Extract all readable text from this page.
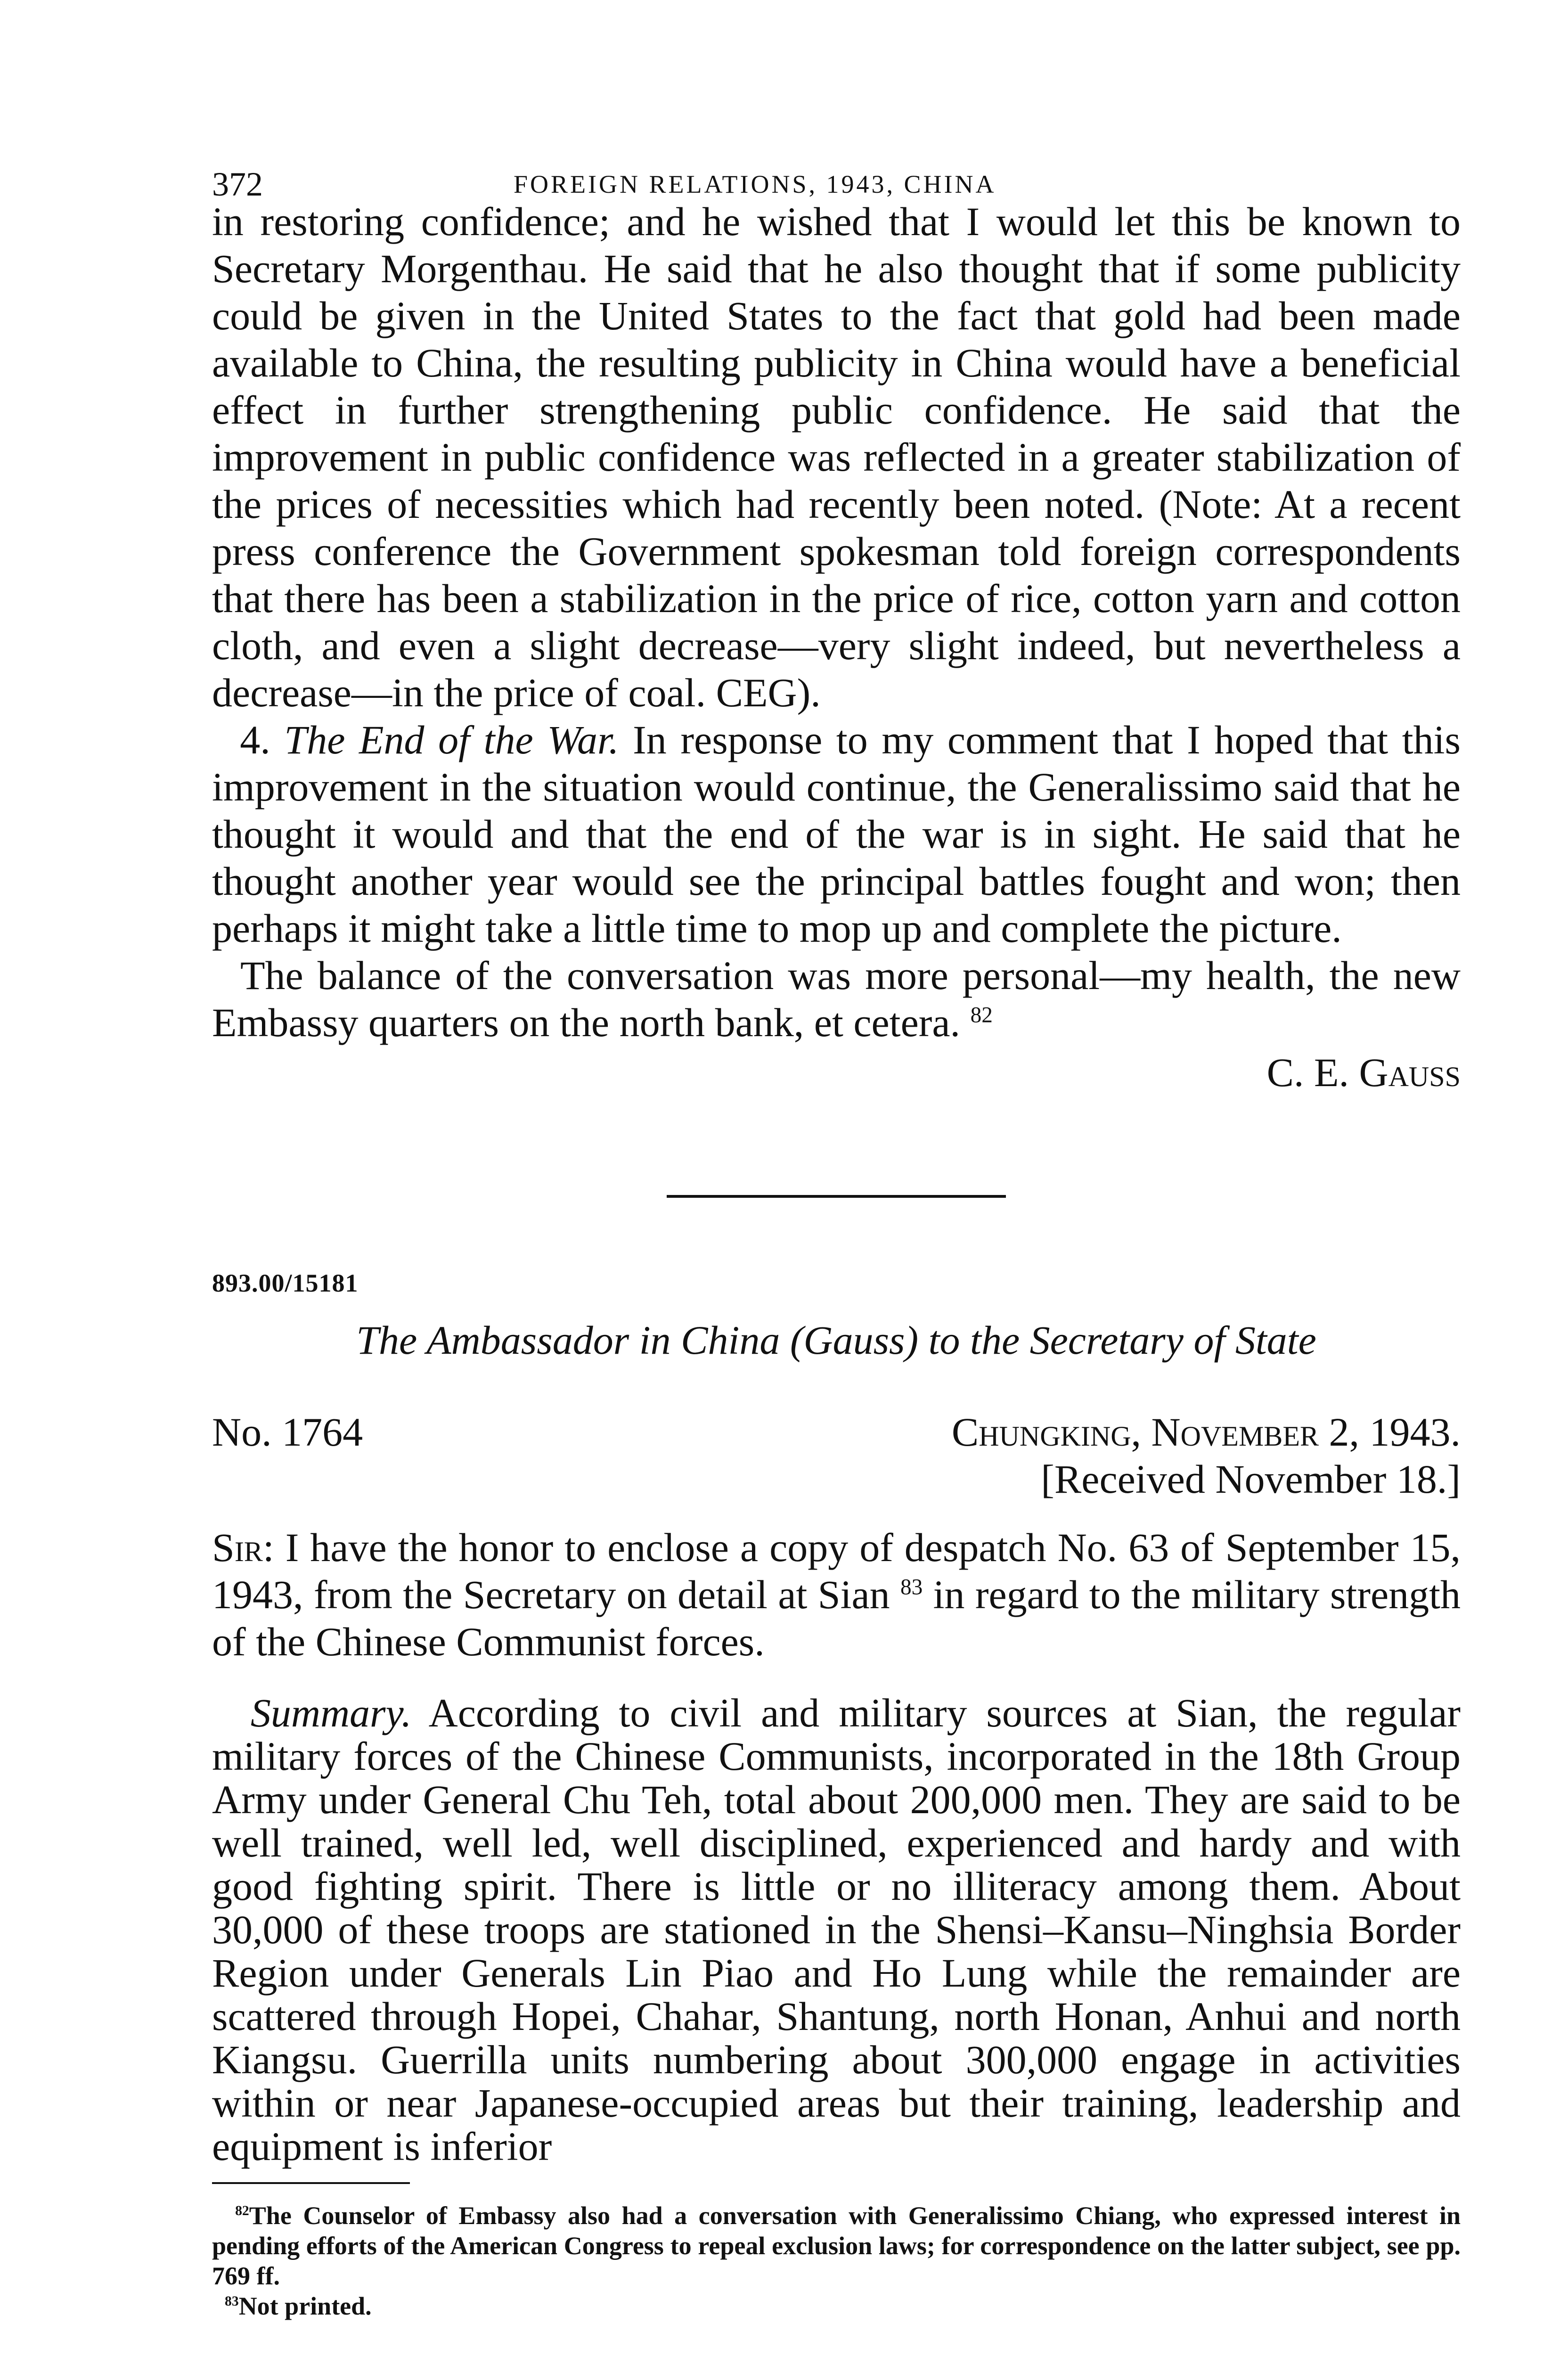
372	FOREIGN RELATIONS, 1943, CHINA

in restoring confidence; and he wished that I would let this be known to Secretary Morgenthau. He said that he also thought that if some publicity could be given in the United States to the fact that gold had been made available to China, the resulting publicity in China would have a beneficial effect in further strengthening public confidence. He said that the improvement in public confidence was reflected in a greater stabilization of the prices of necessities which had recently been noted. (Note: At a recent press conference the Government spokesman told foreign correspondents that there has been a stabilization in the price of rice, cotton yarn and cotton cloth, and even a slight decrease—very slight indeed, but nevertheless a decrease—in the price of coal. CEG).

4. The End of the War. In response to my comment that I hoped that this improvement in the situation would continue, the Generalissimo said that he thought it would and that the end of the war is in sight. He said that he thought another year would see the principal battles fought and won; then perhaps it might take a little time to mop up and complete the picture.

The balance of the conversation was more personal—my health, the new Embassy quarters on the north bank, et cetera. $^{82}$

C. E. Gauss

893.00/15181

The Ambassador in China (Gauss) to the Secretary of State

No. 1764	Chungking, November 2, 1943.

[Received November 18.]

Sir: I have the honor to enclose a copy of despatch No. 63 of September 15, 1943, from the Secretary on detail at Sian $^{83}$ in regard to the military strength of the Chinese Communist forces.

Summary. According to civil and military sources at Sian, the regular military forces of the Chinese Communists, incorporated in the 18th Group Army under General Chu Teh, total about 200,000 men. They are said to be well trained, well led, well disciplined, experienced and hardy and with good fighting spirit. There is little or no illiteracy among them. About 30,000 of these troops are stationed in the Shensi–Kansu–Ninghsia Border Region under Generals Lin Piao and Ho Lung while the remainder are scattered through Hopei, Chahar, Shantung, north Honan, Anhui and north Kiangsu. Guerrilla units numbering about 300,000 engage in activities within or near Japanese-occupied areas but their training, leadership and equipment is inferior

$^{82}$The Counselor of Embassy also had a conversation with Generalissimo Chiang, who expressed interest in pending efforts of the American Congress to repeal exclusion laws; for correspondence on the latter subject, see pp. 769 ff.

$^{83}$Not printed.
